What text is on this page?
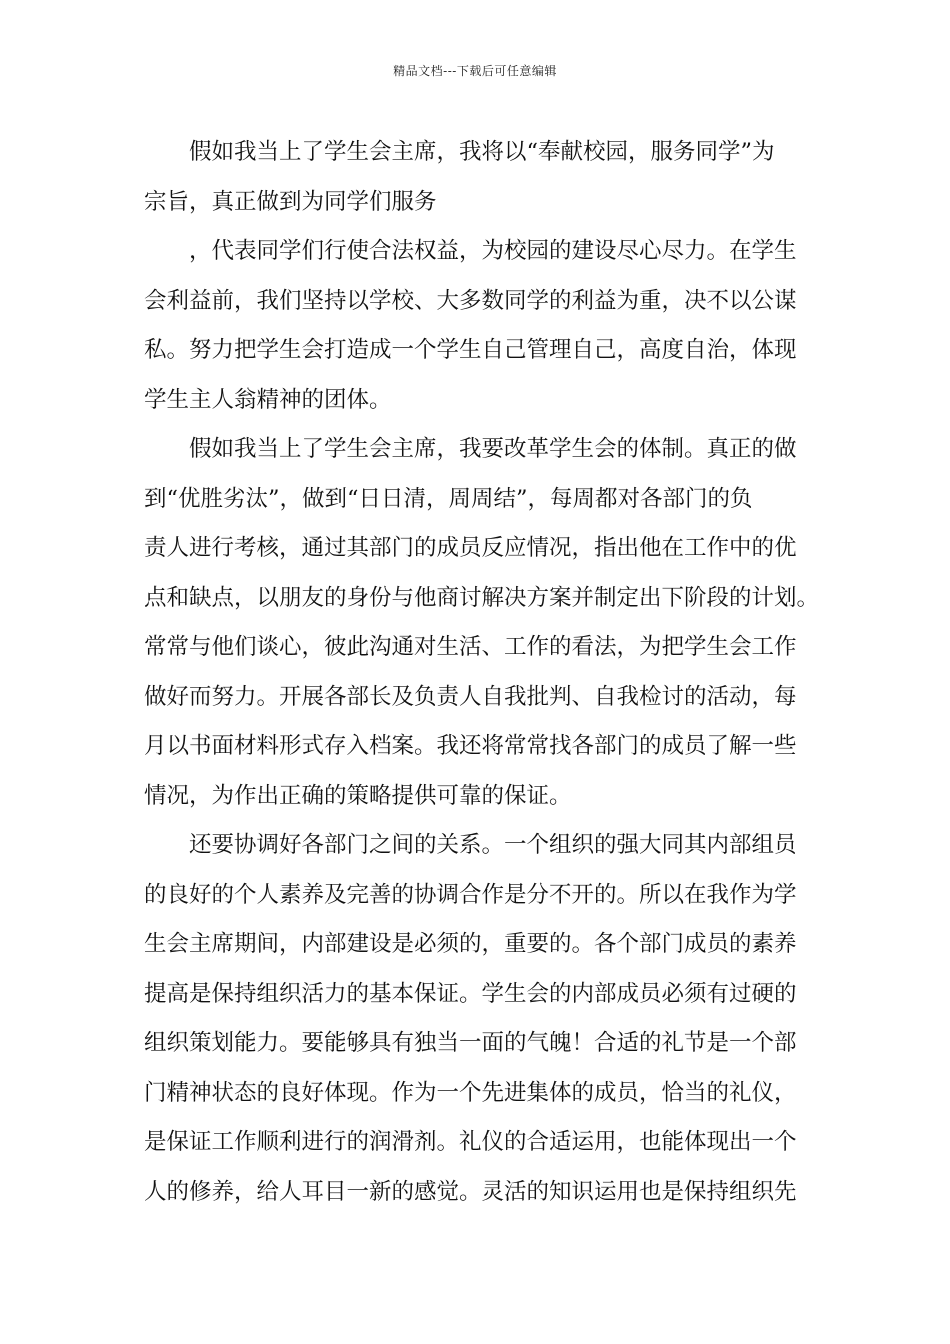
精品文档---下载后可任意编辑
假如我当上了学生会主席，我将以“奉献校园，服务同学”为
宗旨，真正做到为同学们服务
，代表同学们行使合法权益，为校园的建设尽心尽力。在学生
会利益前，我们坚持以学校、大多数同学的利益为重，决不以公谋
私。努力把学生会打造成一个学生自己管理自己，高度自治，体现
学生主人翁精神的团体。
假如我当上了学生会主席，我要改革学生会的体制。真正的做
到“优胜劣汰”，做到“日日清，周周结”，每周都对各部门的负
责人进行考核，通过其部门的成员反应情况，指出他在工作中的优
点和缺点，以朋友的身份与他商讨解决方案并制定出下阶段的计划。
常常与他们谈心，彼此沟通对生活、工作的看法，为把学生会工作
做好而努力。开展各部长及负责人自我批判、自我检讨的活动，每
月以书面材料形式存入档案。我还将常常找各部门的成员了解一些
情况，为作出正确的策略提供可靠的保证。
还要协调好各部门之间的关系。一个组织的强大同其内部组员
的良好的个人素养及完善的协调合作是分不开的。所以在我作为学
生会主席期间，内部建设是必须的，重要的。各个部门成员的素养
提高是保持组织活力的基本保证。学生会的内部成员必须有过硬的
组织策划能力。要能够具有独当一面的气魄！合适的礼节是一个部
门精神状态的良好体现。作为一个先进集体的成员，恰当的礼仪，
是保证工作顺利进行的润滑剂。礼仪的合适运用，也能体现出一个
人的修养，给人耳目一新的感觉。灵活的知识运用也是保持组织先
